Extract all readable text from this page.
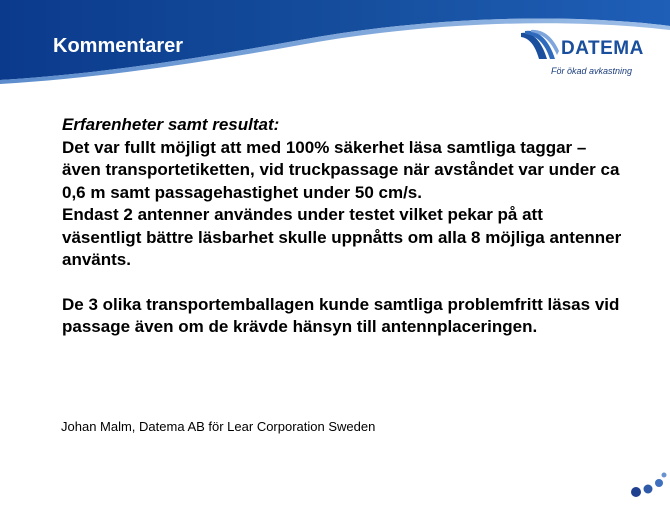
Kommentarer	DATEMA
För ökad avkastning

Erfarenheter samt resultat:

Det var fullt möjligt att med 100% säkerhet läsa samtliga taggar – även transportetiketten, vid truckpassage när avståndet var under ca 0,6 m samt passagehastighet under 50 cm/s.

Endast 2 antenner användes under testet vilket pekar på att väsentligt bättre läsbarhet skulle uppnåtts om alla 8 möjliga antenner använts.

De 3 olika transportemballagen kunde samtliga problemfritt läsas vid passage även om de krävde hänsyn till antennplaceringen.

Johan Malm, Datema AB för Lear Corporation Sweden
